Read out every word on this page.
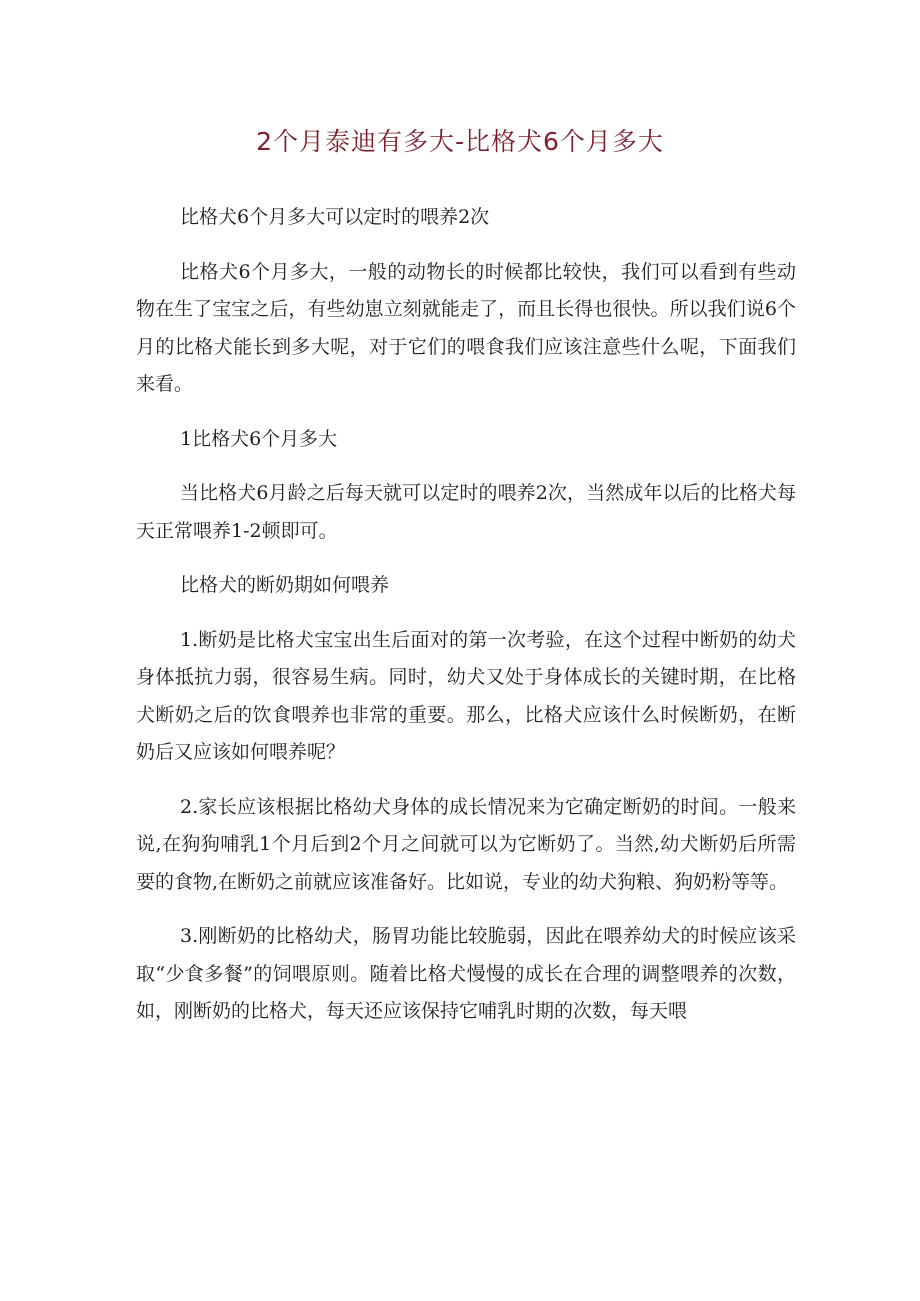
2个月泰迪有多大-比格犬6个月多大

比格犬6个月多大可以定时的喂养2次

比格犬6个月多大，一般的动物长的时候都比较快，我们可以看到有些动物在生了宝宝之后，有些幼崽立刻就能走了，而且长得也很快。所以我们说6个月的比格犬能长到多大呢，对于它们的喂食我们应该注意些什么呢，下面我们来看。

1比格犬6个月多大

当比格犬6月龄之后每天就可以定时的喂养2次，当然成年以后的比格犬每天正常喂养1-2顿即可。

比格犬的断奶期如何喂养

1.断奶是比格犬宝宝出生后面对的第一次考验，在这个过程中断奶的幼犬身体抵抗力弱，很容易生病。同时，幼犬又处于身体成长的关键时期，在比格犬断奶之后的饮食喂养也非常的重要。那么，比格犬应该什么时候断奶，在断奶后又应该如何喂养呢？

2.家长应该根据比格幼犬身体的成长情况来为它确定断奶的时间。一般来说,在狗狗哺乳1个月后到2个月之间就可以为它断奶了。当然,幼犬断奶后所需要的食物,在断奶之前就应该准备好。比如说，专业的幼犬狗粮、狗奶粉等等。

3.刚断奶的比格幼犬，肠胃功能比较脆弱，因此在喂养幼犬的时候应该采取“少食多餐”的饲喂原则。随着比格犬慢慢的成长在合理的调整喂养的次数，如，刚断奶的比格犬，每天还应该保持它哺乳时期的次数，每天喂
